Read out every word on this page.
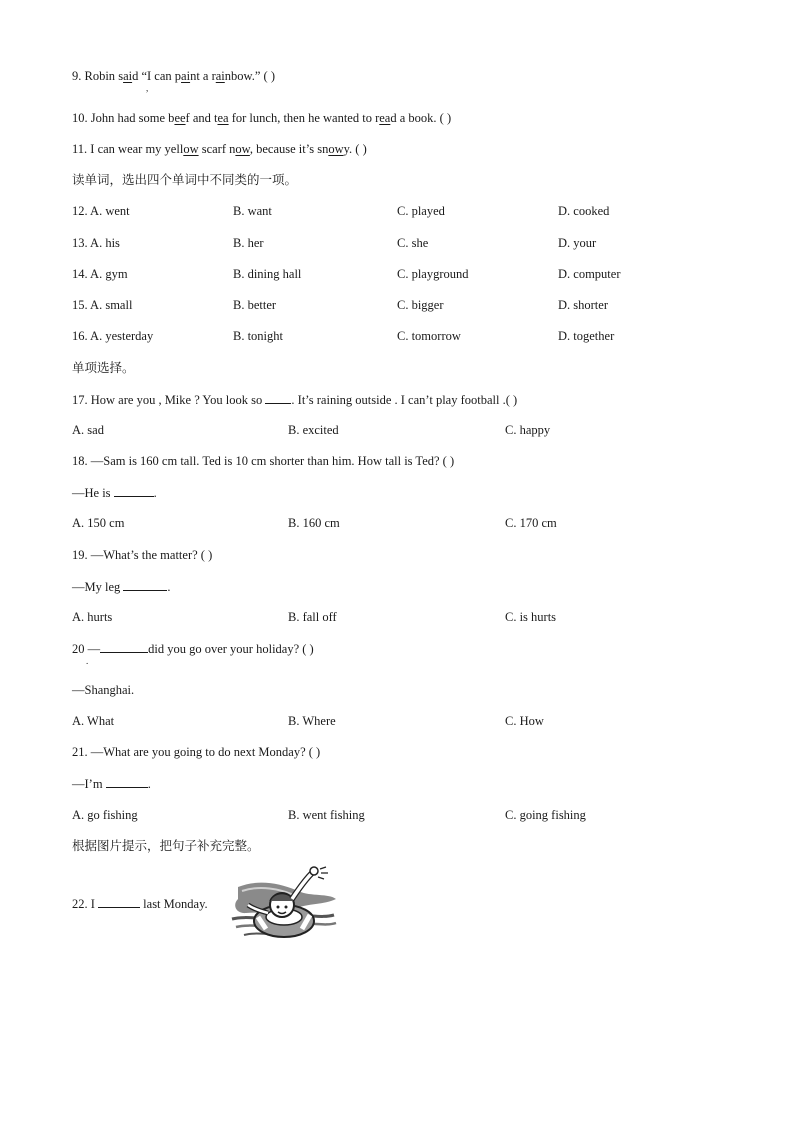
9. Robin said “I can paint a rainbow.” ( )
,
10. John had some beef and tea for lunch, then he wanted to read a book. ( )
11. I can wear my yellow scarf now, because it’s snowy. ( )
读单词，选出四个单词中不同类的一项。
12. A. went	B. want	C. played	D. cooked
13. A. his	B. her	C. she	D. your
14. A. gym	B. dining hall	C. playground	D. computer
15. A. small	B. better	C. bigger	D. shorter
16. A. yesterday	B. tonight	C. tomorrow	D. together
单项选择。
17. How are you , Mike ? You look so . It’s raining outside . I can’t play football .( )
A. sad	B. excited	C. happy
18. —Sam is 160 cm tall. Ted is 10 cm shorter than him. How tall is Ted? ( )
—He is	.
A. 150 cm	B. 160 cm	C. 170 cm
19. —What’s the matter? ( )
—My leg	.
A. hurts	B. fall off	C. is hurts
20 —	did you go over your holiday? ( )
.
—Shanghai.
A. What	B. Where	C. How
21. —What are you going to do next Monday? ( )
—I’m	.
A. go fishing	B. went fishing	C. going fishing
根据图片提示，把句子补充完整。
22. I	last Monday.
